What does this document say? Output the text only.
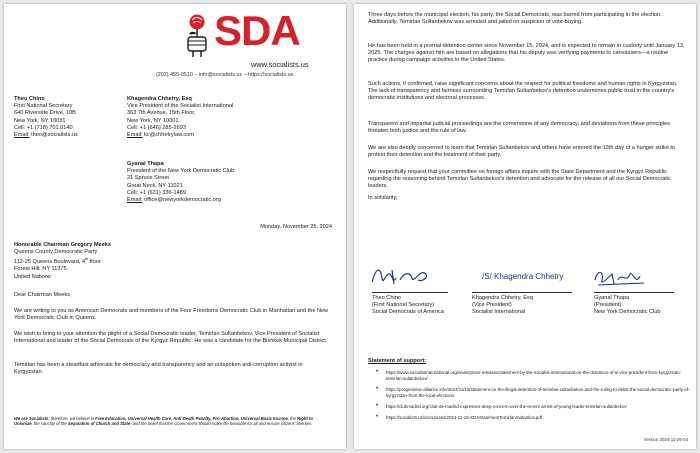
SDA
www.socialists.us
(202) 455-0510 – info@socialists.us – https://socialists.us
Theo Chino
First National Secretary
640 Riverside Drive, 10B
New York, NY 10031
Cell: +1 (718) 701.0140
Email: theo@socialists.us
Khagendra Chhetry, Esq
Vice President of the Socialist International
363 7th Avenue, 15th Floor,
New York, NY 10001
Cell: +1 (646) 285-2693
Email: kc@chhetrylaw.com
Gyanal Thapa
President of the New York Democratic Club
21 Spruce Street
Great Neck, NY 11021
Cell: +1 (631) 336-1489
Email: office@newyorkdemocratic.org
Monday, November 25, 2024
Honorable Chairman Gregory Meeks
Queens County Democratic Party
112-25 Queens Boulevard, 4th floor
Forest Hill, NY 11375
United Nations
Dear Chairman Meeks,
We are writing to you as American Democrats and members of the Four Freedoms Democratic Club in Manhattan and the New York Democratic Club in Queens.
We wish to bring to your attention the plight of a Social Democratic leader, Temirlan Sultanbekov, Vice President of Socialist International and leader of the Social Democrats of the Kyrgyz Republic. He was a candidate for the Bishkek Municipal District.
Temirlan has been a steadfast advocate for democracy and transparency and an outspoken anti-corruption activist in Kyrgyzstan.
We are Socialists; therefore, we believe in Free Education, Universal Health Care, Anti-Death Penalty, Pro-Abortion, Universal Basic Income, the Right to Unionize, the sanctity of the Separation of Church and State, and the belief that the Government should make life bearable for all and ensure citizens' liberties.
Three days before the municipal election, his party, the Social Democrats, was barred from participating in the election. Additionally, Temirlan Sultanbekov was arrested and jailed on suspicion of vote-buying.
He has been held in a pretrial detention center since November 15, 2024, and is expected to remain in custody until January 13, 2025. The charges against him are based on allegations that his deputy was verifying payments to canvassers—a routine practice during campaign activities in the United States.
Such actions, if confirmed, raise significant concerns about the respect for political freedoms and human rights in Kyrgyzstan. The lack of transparency and fairness surrounding Temirlan Sultanbekov's detention undermines public trust in the country's democratic institutions and electoral processes.
Transparent and impartial judicial proceedings are the cornerstone of any democracy, and deviations from these principles threaten both justice and the rule of law.
We are also deeply concerned to learn that Temirlan Sultanbekov and others have entered the 13th day of a hunger strike to protest their detention and the treatment of their party.
We respectfully request that your committee on foreign affairs inquire with the State Department and the Kyrgyz Republic regarding the reasoning behind Temirlan Sultanbekov's detention and advocate for the release of all our Social Democratic leaders.
In solidarity,
/S/ Khagendra Chhetry
Theo Chino
(First National Secretary)
Social Democrats of America
Khagendra Chhetry, Esq
(Vice President)
Socialist International
Gyanal Thapa
(President)
New York Democratic Club
Statement of support:
• https://www.socialistinternational.org/news/press-releases/statement-by-the-socialist-international-on-the-detention-of-si-vice-president-from-kyrgyzstan-temirlan-sultanbekov/
• https://progressive-alliance.info/2024/11/16/statement-on-the-illegal-detention-of-temirlan-sultanbekov-and-the-ruling-to-delist-the-social-democratic-party-of-kyrgyzstan-from-the-local-elections
• https://clubmadrid.org/club-de-madrid-expresses-deep-concern-over-the-recent-arrest-of-young-leader-temirlan-sultanbekov
• https://socialists.us/docs/press/2024-11-15-SDAStatementTemirlanSultankov.pdf
Version 2024-11-25-04
